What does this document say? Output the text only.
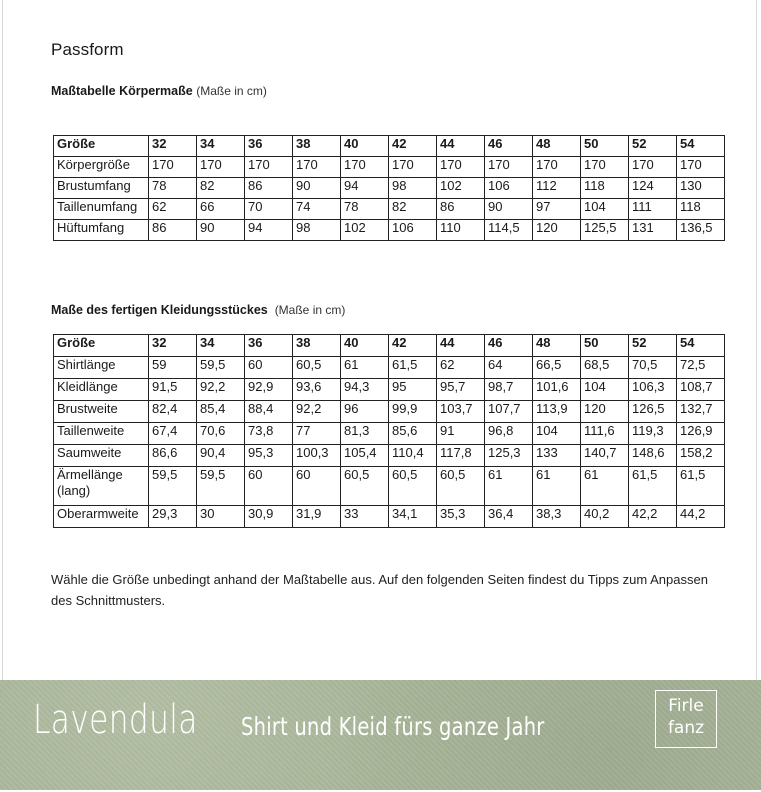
Passform
Maßtabelle Körpermaße (Maße in cm)
Größe	32	34	36	38	40	42	44	46	48	50	52	54
Körpergröße	170	170	170	170	170	170	170	170	170	170	170	170
Brustumfang	78	82	86	90	94	98	102	106	112	118	124	130
Taillenumfang	62	66	70	74	78	82	86	90	97	104	111	118
Hüftumfang	86	90	94	98	102	106	110	114,5	120	125,5	131	136,5
Maße des fertigen Kleidungsstückes (Maße in cm)
Größe	32	34	36	38	40	42	44	46	48	50	52	54
Shirtlänge	59	59,5	60	60,5	61	61,5	62	64	66,5	68,5	70,5	72,5
Kleidlänge	91,5	92,2	92,9	93,6	94,3	95	95,7	98,7	101,6	104	106,3	108,7
Brustweite	82,4	85,4	88,4	92,2	96	99,9	103,7	107,7	113,9	120	126,5	132,7
Taillenweite	67,4	70,6	73,8	77	81,3	85,6	91	96,8	104	111,6	119,3	126,9
Saumweite	86,6	90,4	95,3	100,3	105,4	110,4	117,8	125,3	133	140,7	148,6	158,2
Ärmellänge (lang)	59,5	59,5	60	60	60,5	60,5	60,5	61	61	61	61,5	61,5
Oberarmweite	29,3	30	30,9	31,9	33	34,1	35,3	36,4	38,3	40,2	42,2	44,2
Wähle die Größe unbedingt anhand der Maßtabelle aus. Auf den folgenden Seiten findest du Tipps zum Anpassen des Schnittmusters.
Lavendula Shirt und Kleid fürs ganze Jahr
Firle
fanz
